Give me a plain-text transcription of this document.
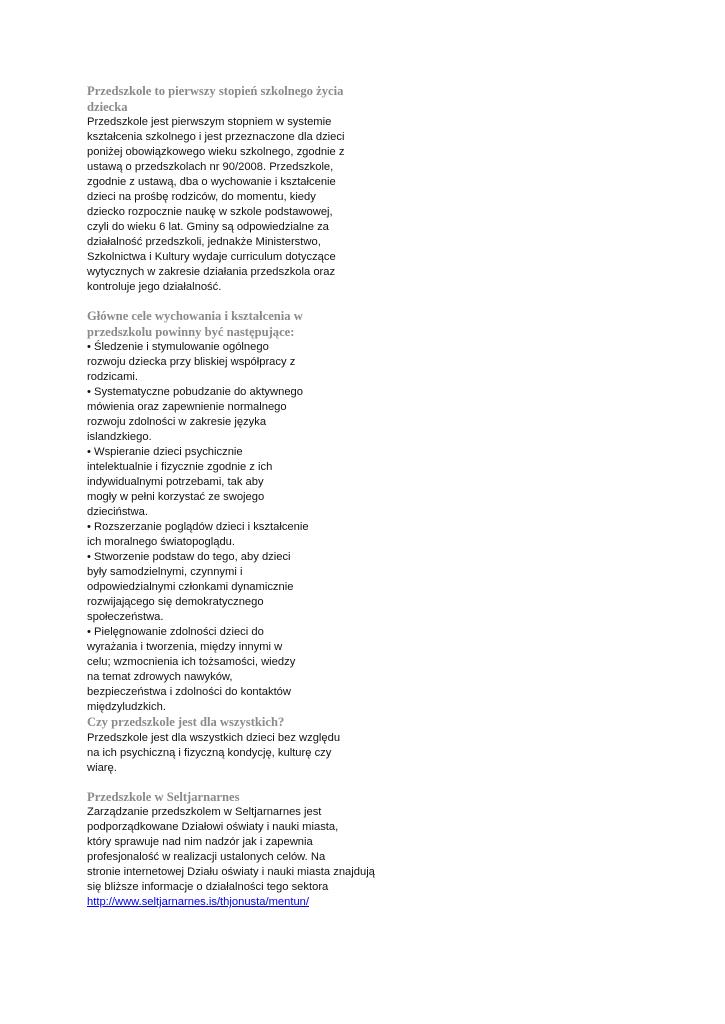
Przedszkole to pierwszy stopień szkolnego życia
dziecka
Przedszkole jest pierwszym stopniem w systemie
kształcenia szkolnego i jest przeznaczone dla dzieci
poniżej obowiązkowego wieku szkolnego, zgodnie z
ustawą o przedszkolach nr 90/2008. Przedszkole,
zgodnie z ustawą, dba o wychowanie i kształcenie
dzieci na prośbę rodziców, do momentu, kiedy
dziecko rozpocznie naukę w szkole podstawowej,
czyli do wieku 6 lat. Gminy są odpowiedzialne za
działalność przedszkoli, jednakże Ministerstwo,
Szkolnictwa i Kultury wydaje curriculum dotyczące
wytycznych w zakresie działania przedszkola oraz
kontroluje jego działalność.
Główne cele wychowania i kształcenia w
przedszkolu powinny być następujące:
• Śledzenie i stymulowanie ogólnego
rozwoju dziecka przy bliskiej współpracy z
rodzicami.
• Systematyczne pobudzanie do aktywnego
mówienia oraz zapewnienie normalnego
rozwoju zdolności w zakresie języka
islandzkiego.
• Wspieranie dzieci psychicznie
intelektualnie i fizycznie zgodnie z ich
indywidualnymi potrzebami, tak aby
mogły w pełni korzystać ze swojego
dzieciństwa.
• Rozszerzanie poglądów dzieci i kształcenie
ich moralnego światopoglądu.
• Stworzenie podstaw do tego, aby dzieci
były samodzielnymi, czynnymi i
odpowiedzialnymi członkami dynamicznie
rozwijającego się demokratycznego
społeczeństwa.
• Pielęgnowanie zdolności dzieci do
wyrażania i tworzenia, między innymi w
celu; wzmocnienia ich tożsamości, wiedzy
na temat zdrowych nawyków,
bezpieczeństwa i zdolności do kontaktów
międzyludzkich.
Czy przedszkole jest dla wszystkich?
Przedszkole jest dla wszystkich dzieci bez względu
na ich psychiczną i fizyczną kondycję, kulturę czy
wiarę.
Przedszkole w Seltjarnarnes
Zarządzanie przedszkolem w Seltjarnarnes jest
podporządkowane Działowi oświaty i nauki miasta,
który sprawuje nad nim nadzór jak i zapewnia
profesjonalość w realizacji ustalonych celów. Na
stronie internetowej Działu oświaty i nauki miasta znajdują
się bliższe informacje o działalności tego sektora
http://www.seltjarnarnes.is/thjonusta/mentun/
